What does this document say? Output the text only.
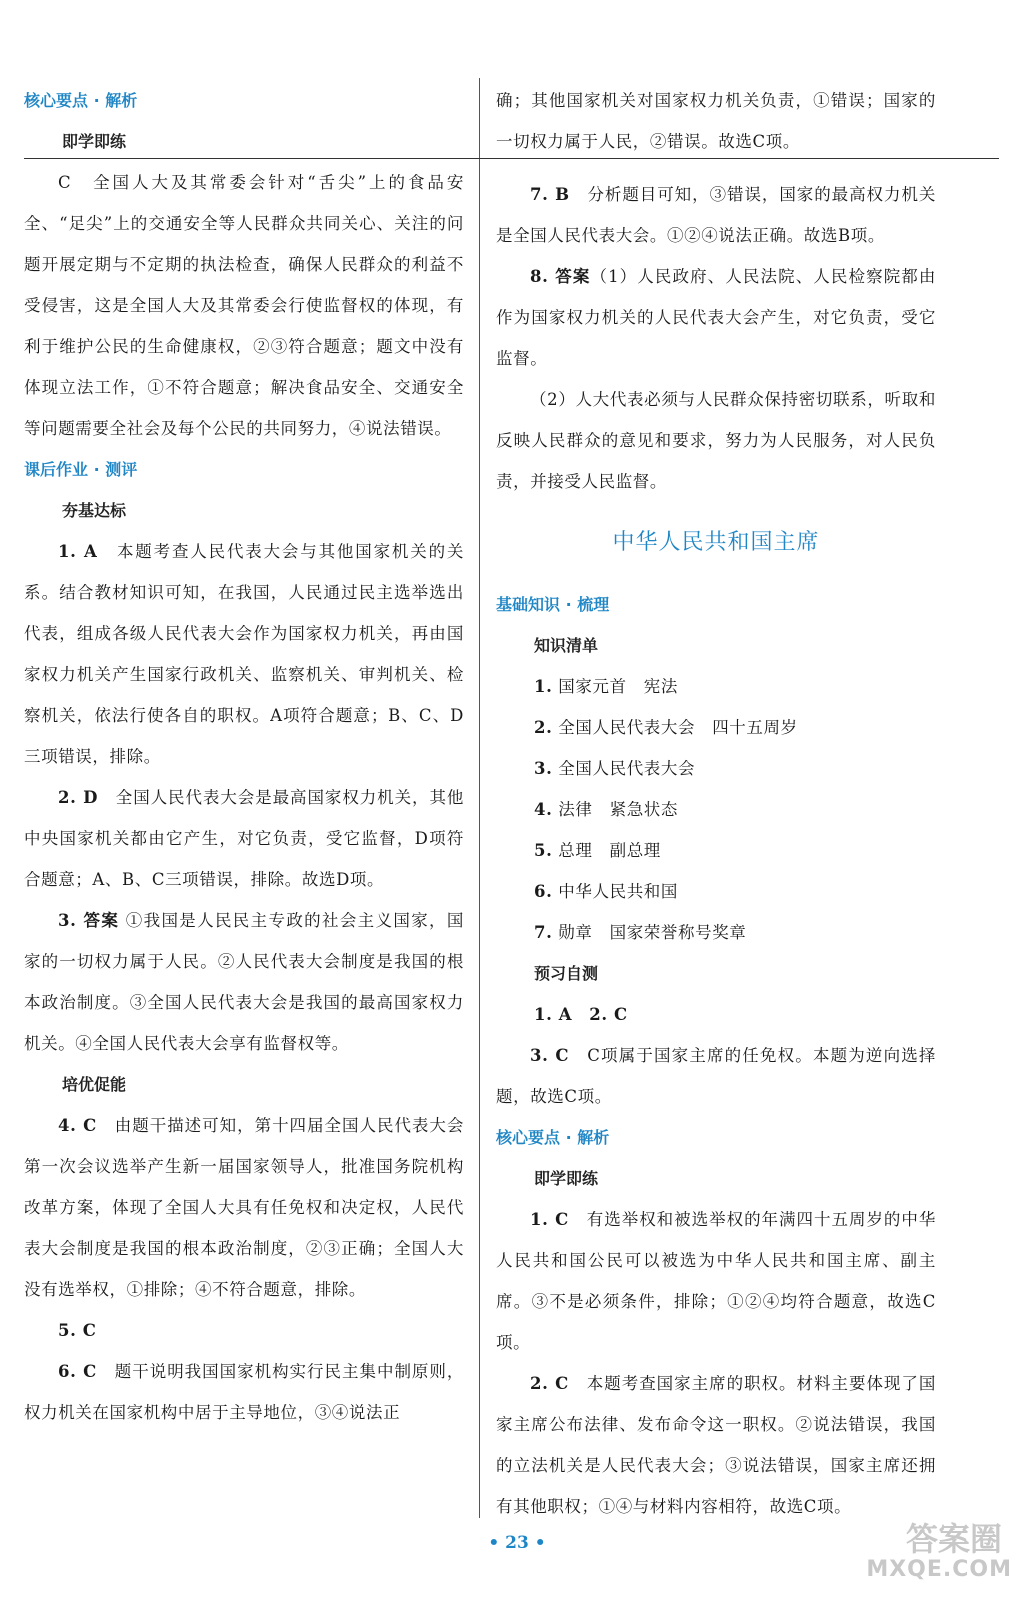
核心要点 · 解析
即学即练

C　全国人大及其常委会针对“舌尖”上的食品安全、“足尖”上的交通安全等人民群众共同关心、关注的问题开展定期与不定期的执法检查，确保人民群众的利益不受侵害，这是全国人大及其常委会行使监督权的体现，有利于维护公民的生命健康权，②③符合题意；题文中没有体现立法工作，①不符合题意；解决食品安全、交通安全等问题需要全社会及每个公民的共同努力，④说法错误。

课后作业 · 测评
夯基达标

1. A　本题考查人民代表大会与其他国家机关的关系。结合教材知识可知，在我国，人民通过民主选举选出代表，组成各级人民代表大会作为国家权力机关，再由国家权力机关产生国家行政机关、监察机关、审判机关、检察机关，依法行使各自的职权。A项符合题意；B、C、D三项错误，排除。

2. D　全国人民代表大会是最高国家权力机关，其他中央国家机关都由它产生，对它负责，受它监督，D项符合题意；A、B、C三项错误，排除。故选D项。

3. 答案 ①我国是人民民主专政的社会主义国家，国家的一切权力属于人民。②人民代表大会制度是我国的根本政治制度。③全国人民代表大会是我国的最高国家权力机关。④全国人民代表大会享有监督权等。

培优促能

4. C　由题干描述可知，第十四届全国人民代表大会第一次会议选举产生新一届国家领导人，批准国务院机构改革方案，体现了全国人大具有任免权和决定权，人民代表大会制度是我国的根本政治制度，②③正确；全国人大没有选举权，①排除；④不符合题意，排除。

5. C

6. C　题干说明我国国家机构实行民主集中制原则，权力机关在国家机构中居于主导地位，③④说法正

确；其他国家机关对国家权力机关负责，①错误；国家的一切权力属于人民，②错误。故选C项。

7. B　分析题目可知，③错误，国家的最高权力机关是全国人民代表大会。①②④说法正确。故选B项。

8. 答案（1）人民政府、人民法院、人民检察院都由作为国家权力机关的人民代表大会产生，对它负责，受它监督。

（2）人大代表必须与人民群众保持密切联系，听取和反映人民群众的意见和要求，努力为人民服务，对人民负责，并接受人民监督。

中华人民共和国主席
基础知识 · 梳理
知识清单

1. 国家元首　宪法

2. 全国人民代表大会　四十五周岁

3. 全国人民代表大会

4. 法律　紧急状态

5. 总理　副总理

6. 中华人民共和国

7. 勋章　国家荣誉称号奖章

预习自测

1. A　2. C

3. C　C项属于国家主席的任免权。本题为逆向选择题，故选C项。

核心要点 · 解析
即学即练

1. C　有选举权和被选举权的年满四十五周岁的中华人民共和国公民可以被选为中华人民共和国主席、副主席。③不是必须条件，排除；①②④均符合题意，故选C项。

2. C　本题考查国家主席的职权。材料主要体现了国家主席公布法律、发布命令这一职权。②说法错误，我国的立法机关是人民代表大会；③说法错误，国家主席还拥有其他职权；①④与材料内容相符，故选C项。

• 23 •	答案圈
MXQE.COM
